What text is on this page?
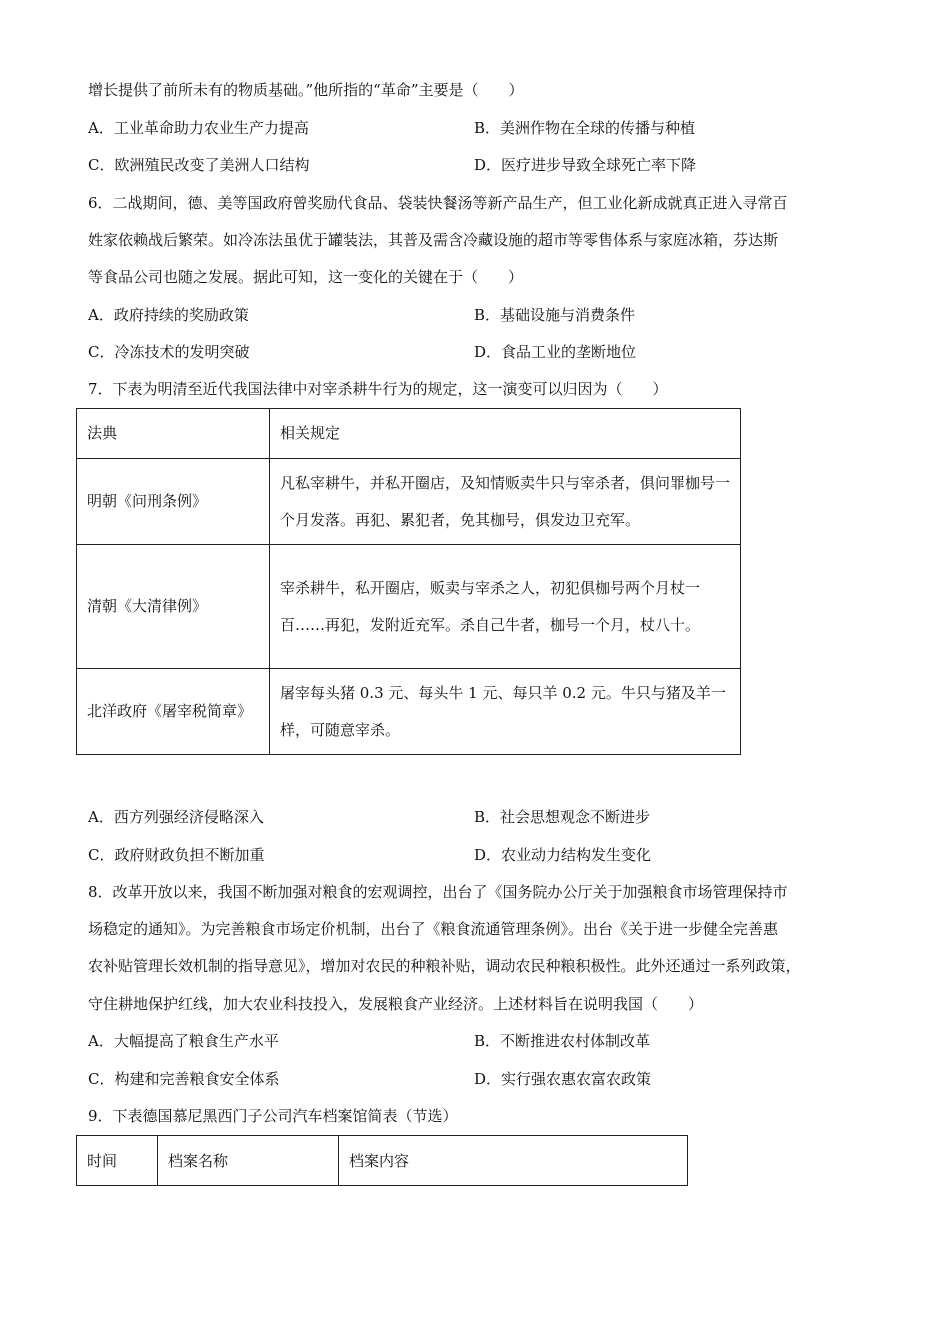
增长提供了前所未有的物质基础。”他所指的“革命”主要是（　　）
A．工业革命助力农业生产力提高	B．美洲作物在全球的传播与种植
C．欧洲殖民改变了美洲人口结构	D．医疗进步导致全球死亡率下降
6．二战期间，德、美等国政府曾奖励代食品、袋装快餐汤等新产品生产，但工业化新成就真正进入寻常百
姓家依赖战后繁荣。如冷冻法虽优于罐装法，其普及需含冷藏设施的超市等零售体系与家庭冰箱，芬达斯
等食品公司也随之发展。据此可知，这一变化的关键在于（　　）
A．政府持续的奖励政策	B．基础设施与消费条件
C．冷冻技术的发明突破	D．食品工业的垄断地位
7．下表为明清至近代我国法律中对宰杀耕牛行为的规定，这一演变可以归因为（　　）
法典	相关规定
明朝《问刑条例》	凡私宰耕牛，并私开圈店，及知情贩卖牛只与宰杀者，俱问罪枷号一个月发落。再犯、累犯者，免其枷号，俱发边卫充军。
清朝《大清律例》	宰杀耕牛，私开圈店，贩卖与宰杀之人，初犯俱枷号两个月杖一百……再犯，发附近充军。杀自己牛者，枷号一个月，杖八十。
北洋政府《屠宰税简章》	屠宰每头猪 0.3 元、每头牛 1 元、每只羊 0.2 元。牛只与猪及羊一样，可随意宰杀。
A．西方列强经济侵略深入	B．社会思想观念不断进步
C．政府财政负担不断加重	D．农业动力结构发生变化
8．改革开放以来，我国不断加强对粮食的宏观调控，出台了《国务院办公厅关于加强粮食市场管理保持市
场稳定的通知》。为完善粮食市场定价机制，出台了《粮食流通管理条例》。出台《关于进一步健全完善惠
农补贴管理长效机制的指导意见》，增加对农民的种粮补贴，调动农民种粮积极性。此外还通过一系列政策，
守住耕地保护红线，加大农业科技投入，发展粮食产业经济。上述材料旨在说明我国（　　）
A．大幅提高了粮食生产水平	B．不断推进农村体制改革
C．构建和完善粮食安全体系	D．实行强农惠农富农政策
9．下表德国慕尼黑西门子公司汽车档案馆简表（节选）
时间	档案名称	档案内容
